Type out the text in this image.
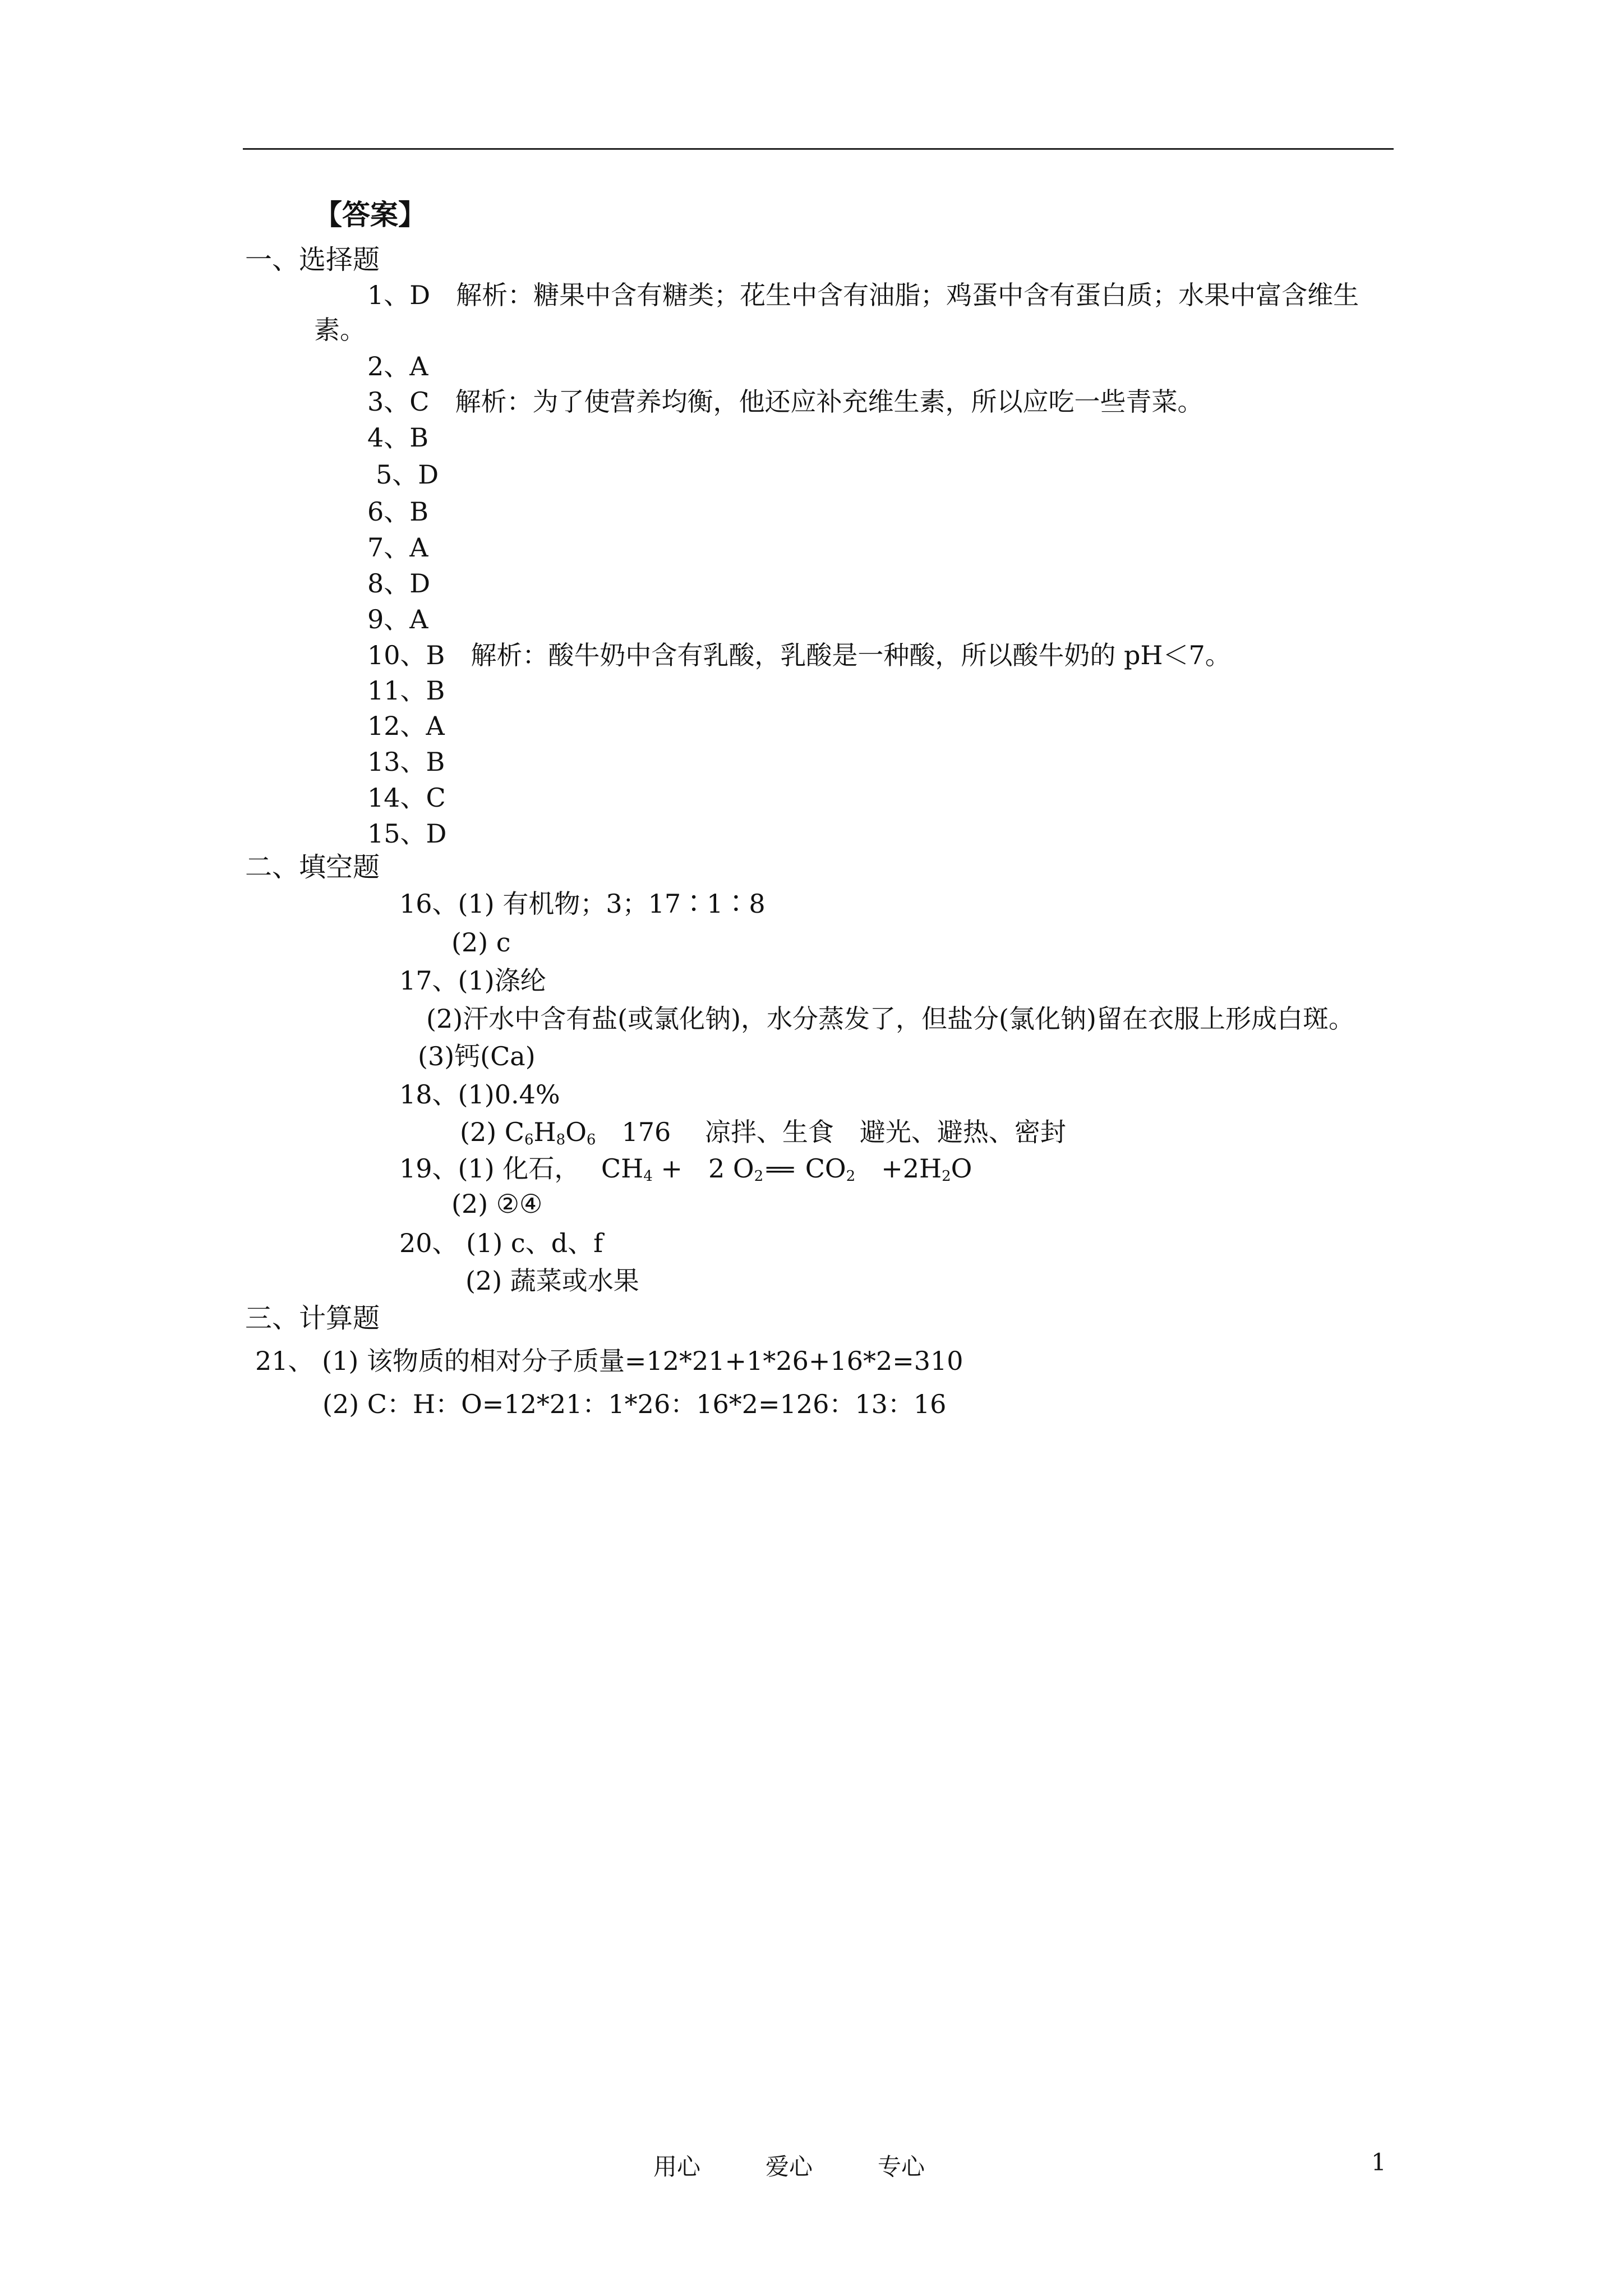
【答案】
一、选择题
1、D　解析：糖果中含有糖类；花生中含有油脂；鸡蛋中含有蛋白质；水果中富含维生
素。
2、A
3、C　解析：为了使营养均衡，他还应补充维生素，所以应吃一些青菜。
4、B
5、D
6、B
7、A
8、D
9、A
10、B　解析：酸牛奶中含有乳酸，乳酸是一种酸，所以酸牛奶的 pH＜7。
11、B
12、A
13、B
14、C
15、D
二、填空题
16、(1) 有机物；3；17∶1∶8
(2) c
17、(1)涤纶
(2)汗水中含有盐(或氯化钠)，水分蒸发了，但盐分(氯化钠)留在衣服上形成白斑。
(3)钙(Ca)
18、(1)0.4%
(2) $C_6H_8O_6$　176　 凉拌、生食　避光、避热、密封
19、(1) 化石，　 $CH_4$ +　2 $O_2$ ══ $CO_2$　$+2H_2O$
(2) ②④
20、 (1) c、d、f
(2) 蔬菜或水果
三、计算题
21、 (1) 该物质的相对分子质量=12*21+1*26+16*2=310
(2) C：H：O=12*21：1*26：16*2=126：13：16
用心	爱心	专心	1
